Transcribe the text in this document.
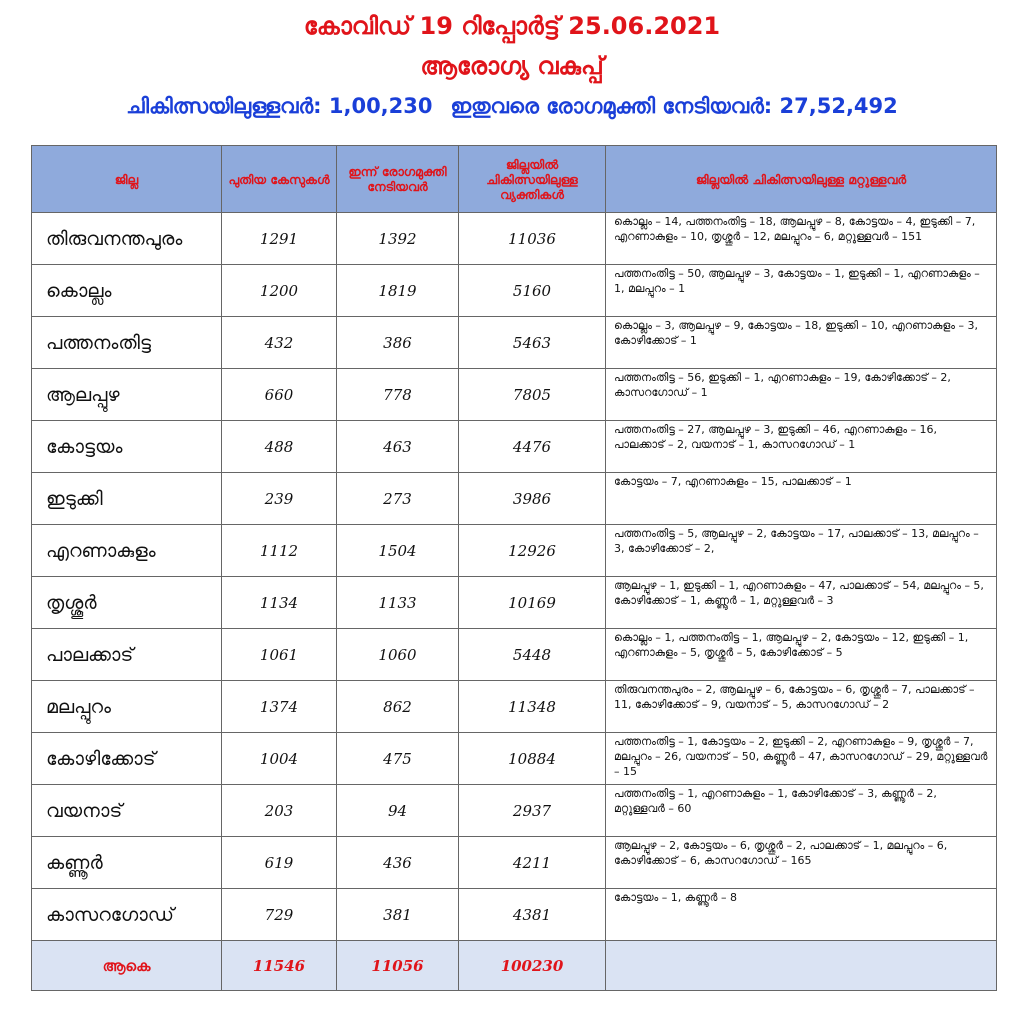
കോവിഡ് 19 റിപ്പോർട്ട് 25.06.2021
ആരോഗ്യ വകുപ്പ്
ചികിത്സയിലുള്ളവർ: 1,00,230 ഇതുവരെ രോഗമുക്തി നേടിയവർ: 27,52,492
ജില്ല	പുതിയ കേസുകൾ	ഇന്ന് രോഗമുക്തി നേടിയവർ	ജില്ലയിൽ ചികിത്സയിലുള്ള വ്യക്തികൾ	ജില്ലയിൽ ചികിത്സയിലുള്ള മറ്റുള്ളവർ
തിരുവനന്തപുരം	1291	1392	11036	കൊല്ലം – 14, പത്തനംതിട്ട – 18, ആലപ്പുഴ – 8, കോട്ടയം – 4, ഇടുക്കി – 7, എറണാകുളം – 10, തൃശ്ശൂർ – 12, മലപ്പുറം – 6, മറ്റുള്ളവർ – 151
കൊല്ലം	1200	1819	5160	പത്തനംതിട്ട – 50, ആലപ്പുഴ – 3, കോട്ടയം – 1, ഇടുക്കി – 1, എറണാകുളം – 1, മലപ്പുറം – 1
പത്തനംതിട്ട	432	386	5463	കൊല്ലം – 3, ആലപ്പുഴ – 9, കോട്ടയം – 18, ഇടുക്കി – 10, എറണാകുളം – 3, കോഴിക്കോട് – 1
ആലപ്പുഴ	660	778	7805	പത്തനംതിട്ട – 56, ഇടുക്കി – 1, എറണാകുളം – 19, കോഴിക്കോട് – 2, കാസറഗോഡ് – 1
കോട്ടയം	488	463	4476	പത്തനംതിട്ട – 27, ആലപ്പുഴ – 3, ഇടുക്കി – 46, എറണാകുളം – 16, പാലക്കാട് – 2, വയനാട് – 1, കാസറഗോഡ് – 1
ഇടുക്കി	239	273	3986	കോട്ടയം – 7, എറണാകുളം – 15, പാലക്കാട് – 1
എറണാകുളം	1112	1504	12926	പത്തനംതിട്ട – 5, ആലപ്പുഴ – 2, കോട്ടയം – 17, പാലക്കാട് – 13, മലപ്പുറം – 3, കോഴിക്കോട് – 2,
തൃശ്ശൂർ	1134	1133	10169	ആലപ്പുഴ – 1, ഇടുക്കി – 1, എറണാകുളം – 47, പാലക്കാട് – 54, മലപ്പുറം – 5, കോഴിക്കോട് – 1, കണ്ണൂർ – 1, മറ്റുള്ളവർ – 3
പാലക്കാട്	1061	1060	5448	കൊല്ലം – 1, പത്തനംതിട്ട – 1, ആലപ്പുഴ – 2, കോട്ടയം – 12, ഇടുക്കി – 1, എറണാകുളം – 5, തൃശ്ശൂർ – 5, കോഴിക്കോട് – 5
മലപ്പുറം	1374	862	11348	തിരുവനന്തപുരം – 2, ആലപ്പുഴ – 6, കോട്ടയം – 6, തൃശ്ശൂർ – 7, പാലക്കാട് – 11, കോഴിക്കോട് – 9, വയനാട് – 5, കാസറഗോഡ് – 2
കോഴിക്കോട്	1004	475	10884	പത്തനംതിട്ട – 1, കോട്ടയം – 2, ഇടുക്കി – 2, എറണാകുളം – 9, തൃശ്ശൂർ – 7, മലപ്പുറം – 26, വയനാട് – 50, കണ്ണൂർ – 47, കാസറഗോഡ് – 29, മറ്റുള്ളവർ – 15
വയനാട്	203	94	2937	പത്തനംതിട്ട – 1, എറണാകുളം – 1, കോഴിക്കോട് – 3, കണ്ണൂർ – 2, മറ്റുള്ളവർ – 60
കണ്ണൂർ	619	436	4211	ആലപ്പുഴ – 2, കോട്ടയം – 6, തൃശ്ശൂർ – 2, പാലക്കാട് – 1, മലപ്പുറം – 6, കോഴിക്കോട് – 6, കാസറഗോഡ് – 165
കാസറഗോഡ്	729	381	4381	കോട്ടയം – 1, കണ്ണൂർ – 8
ആകെ	11546	11056	100230	
